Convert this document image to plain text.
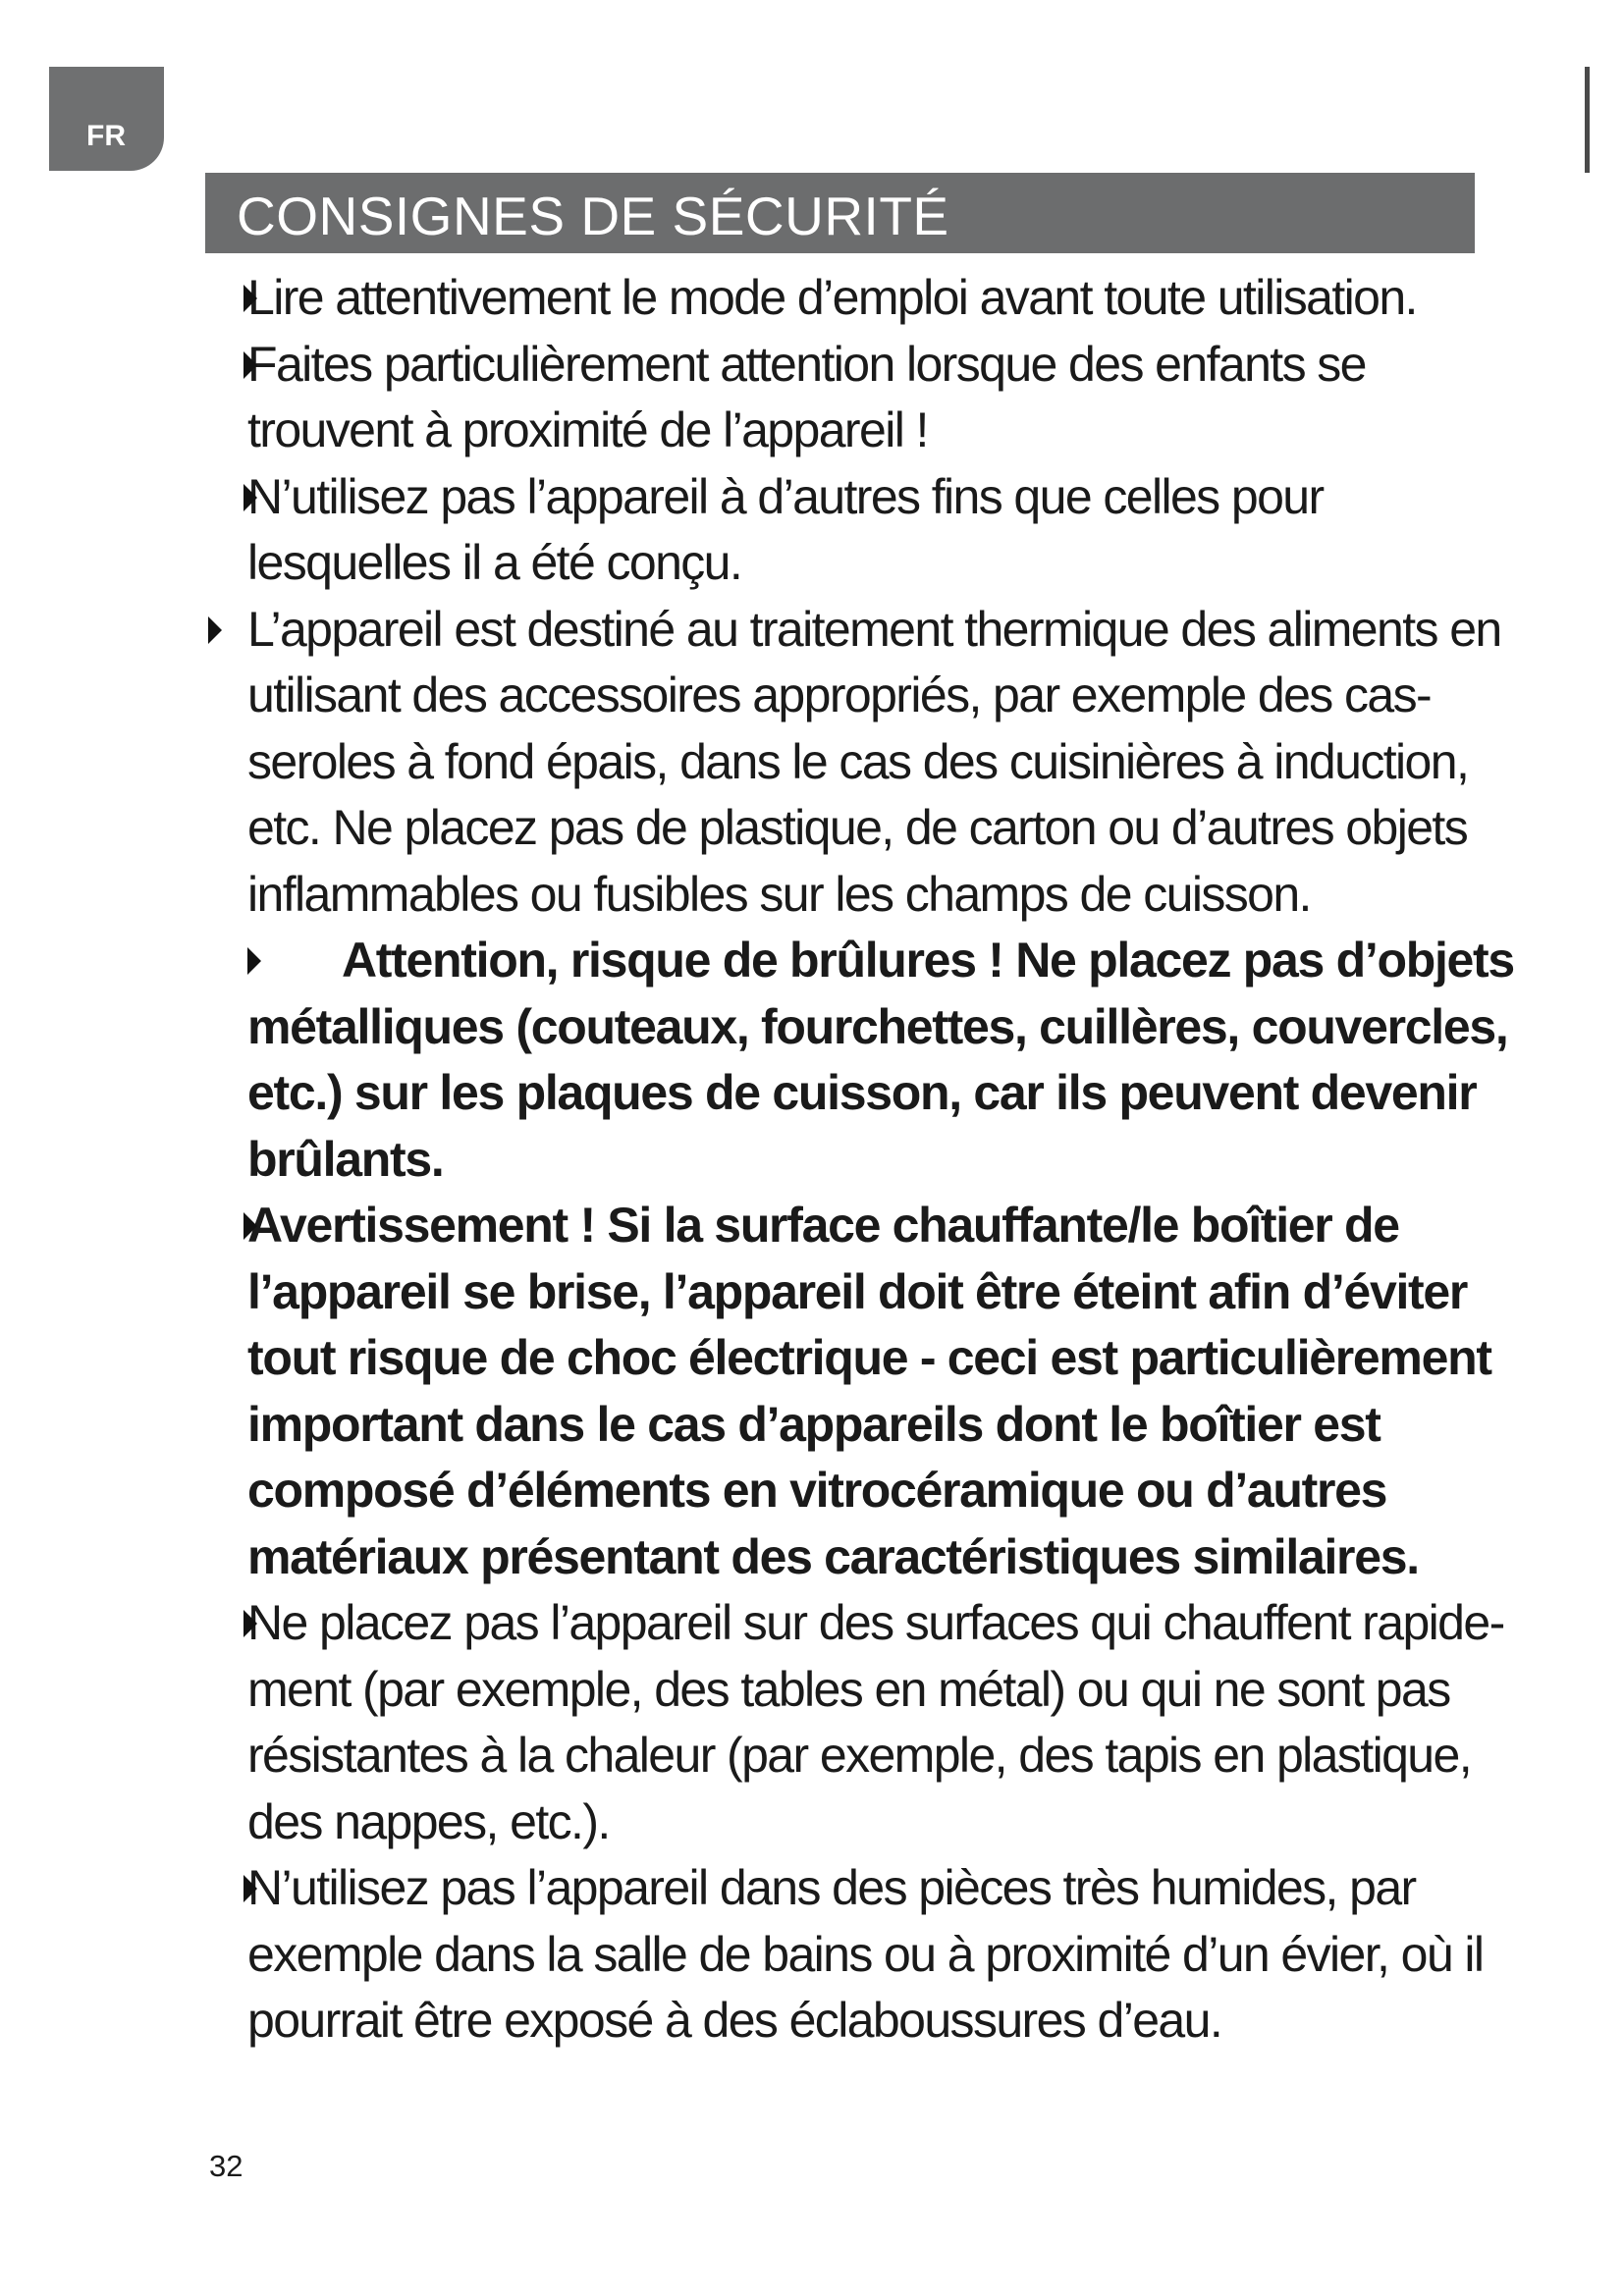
FR
CONSIGNES DE SÉCURITÉ

Lire attentivement le mode d’emploi avant toute utilisation.

Faites particulièrement attention lorsque des enfants se trouvent à proximité de l’appareil !

N’utilisez pas l’appareil à d’autres fins que celles pour lesquelles il a été conçu.

L’appareil est destiné au traitement thermique des aliments en utilisant des accessoires appropriés, par exemple des casseroles à fond épais, dans le cas des cuisinières à induction, etc. Ne placez pas de plastique, de carton ou d’autres objets inflammables ou fusibles sur les champs de cuisson.

Attention, risque de brûlures ! Ne placez pas d’objets métalliques (couteaux, fourchettes, cuillères, couvercles, etc.) sur les plaques de cuisson, car ils peuvent devenir brûlants.

Avertissement ! Si la surface chauffante/le boîtier de l’appareil se brise, l’appareil doit être éteint afin d’éviter tout risque de choc électrique - ceci est particulièrement important dans le cas d’appareils dont le boîtier est composé d’éléments en vitrocéramique ou d’autres matériaux présentant des caractéristiques similaires.

Ne placez pas l’appareil sur des surfaces qui chauffent rapidement (par exemple, des tables en métal) ou qui ne sont pas résistantes à la chaleur (par exemple, des tapis en plastique, des nappes, etc.).

N’utilisez pas l’appareil dans des pièces très humides, par exemple dans la salle de bains ou à proximité d’un évier, où il pourrait être exposé à des éclaboussures d’eau.

32
